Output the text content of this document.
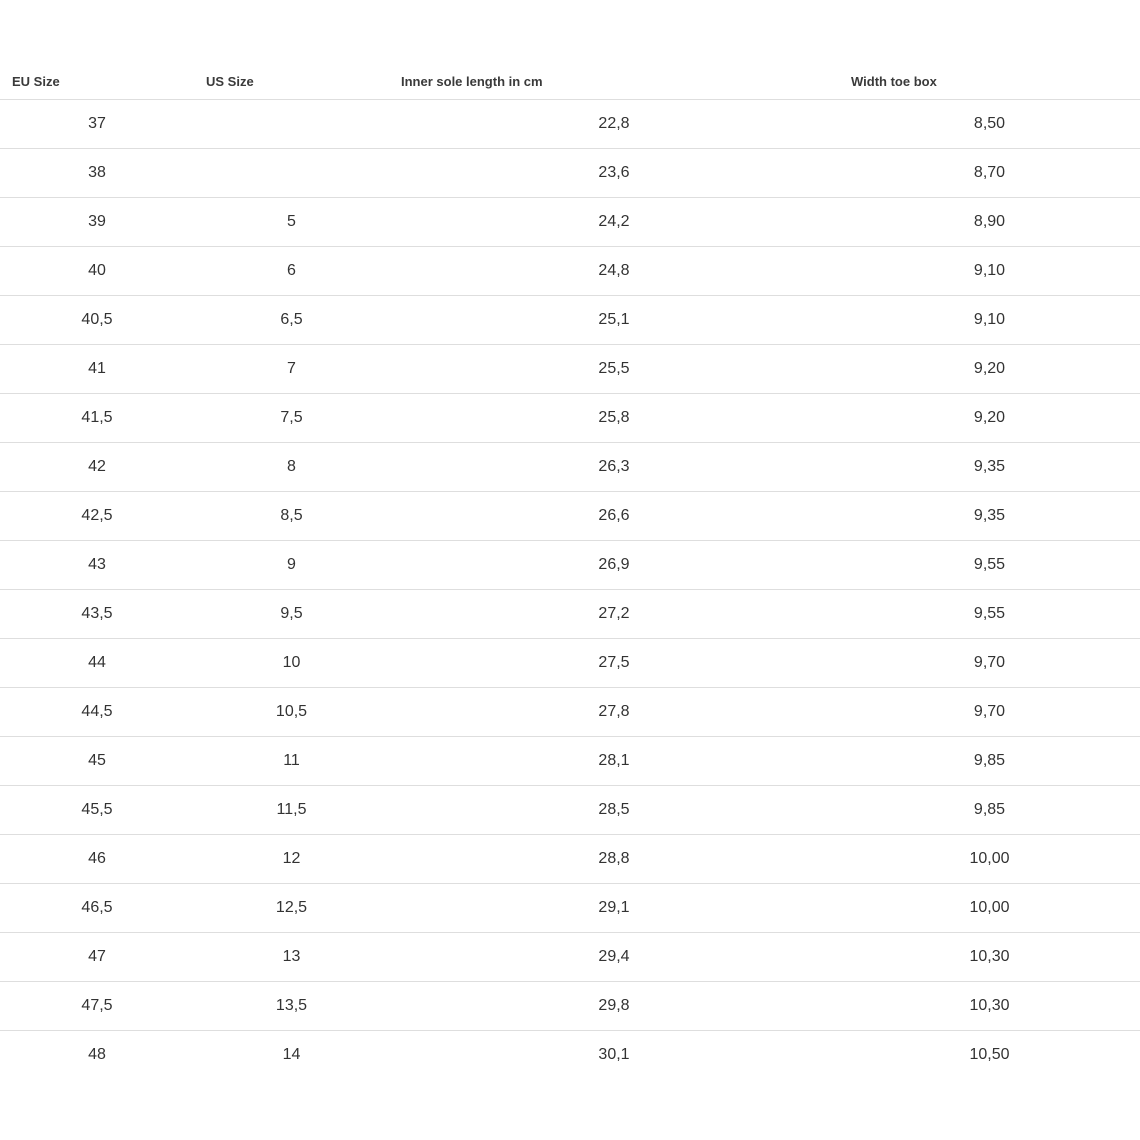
EU Size	US Size	Inner sole length in cm	Width toe box
37		22,8	8,50
38		23,6	8,70
39	5	24,2	8,90
40	6	24,8	9,10
40,5	6,5	25,1	9,10
41	7	25,5	9,20
41,5	7,5	25,8	9,20
42	8	26,3	9,35
42,5	8,5	26,6	9,35
43	9	26,9	9,55
43,5	9,5	27,2	9,55
44	10	27,5	9,70
44,5	10,5	27,8	9,70
45	11	28,1	9,85
45,5	11,5	28,5	9,85
46	12	28,8	10,00
46,5	12,5	29,1	10,00
47	13	29,4	10,30
47,5	13,5	29,8	10,30
48	14	30,1	10,50
